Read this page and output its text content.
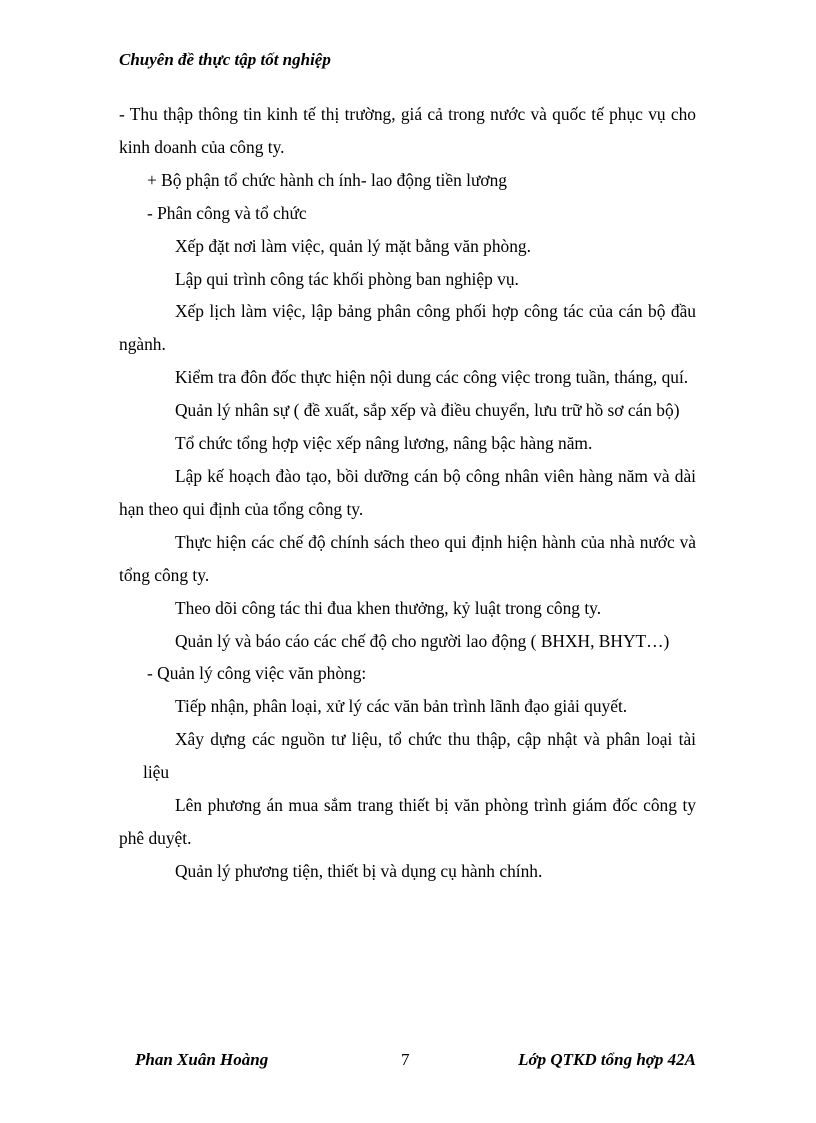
Chuyên đề thực tập tốt nghiệp

- Thu thập thông tin kinh tế thị trường, giá cả trong nước và quốc tế phục vụ cho kinh doanh của công ty.

+ Bộ phận tổ chức hành ch ính- lao động tiền lương

- Phân công và tổ chức

Xếp đặt nơi làm việc, quản lý mặt bằng văn phòng.

Lập qui trình công tác khối phòng ban nghiệp vụ.

Xếp lịch làm việc, lập bảng phân công phối hợp công tác của cán bộ đầu ngành.

Kiểm tra đôn đốc thực hiện nội dung các công việc trong tuần, tháng, quí.

Quản lý nhân sự ( đề xuất, sắp xếp và điều chuyển, lưu trữ hồ sơ cán bộ)

Tổ chức tổng hợp việc xếp nâng lương, nâng bậc hàng năm.

Lập kế hoạch đào tạo, bồi dưỡng cán bộ công nhân viên hàng năm và dài hạn theo qui định của tổng công ty.

Thực hiện các chế độ chính sách theo qui định hiện hành của nhà nước và tổng công ty.

Theo dõi công tác thi đua khen thưởng, kỷ luật trong công ty.

Quản lý và báo cáo các chế độ cho người lao động ( BHXH, BHYT…)

- Quản lý công việc văn phòng:

Tiếp nhận, phân loại, xử lý các văn bản trình lãnh đạo giải quyết.

Xây dựng các nguồn tư liệu, tổ chức thu thập, cập nhật và phân loại tài liệu

Lên phương án mua sắm trang thiết bị văn phòng trình giám đốc công ty phê duyệt.

Quản lý phương tiện, thiết bị và dụng cụ hành chính.

Phan Xuân Hoàng	7	Lớp QTKD tổng hợp 42A
